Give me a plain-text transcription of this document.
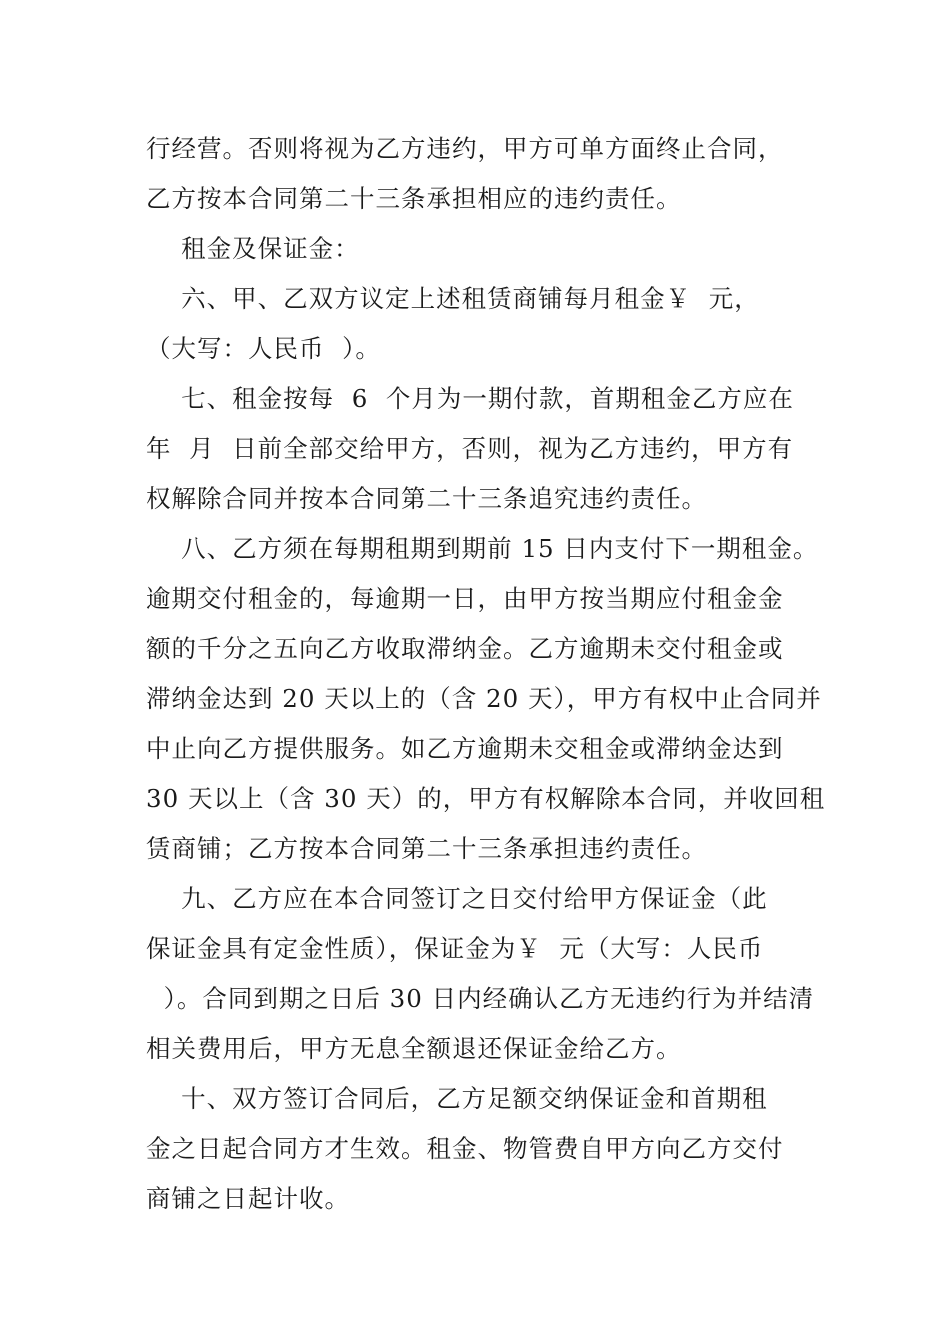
行经营。否则将视为乙方违约，甲方可单方面终止合同，
乙方按本合同第二十三条承担相应的违约责任。
租金及保证金：
六、甲、乙双方议定上述租赁商铺每月租金￥  元，
（大写：人民币  ）。
七、租金按每  6  个月为一期付款，首期租金乙方应在
年  月  日前全部交给甲方，否则，视为乙方违约，甲方有
权解除合同并按本合同第二十三条追究违约责任。
八、乙方须在每期租期到期前 15 日内支付下一期租金。
逾期交付租金的，每逾期一日，由甲方按当期应付租金金
额的千分之五向乙方收取滞纳金。乙方逾期未交付租金或
滞纳金达到 20 天以上的（含 20 天），甲方有权中止合同并
中止向乙方提供服务。如乙方逾期未交租金或滞纳金达到
30 天以上（含 30 天）的，甲方有权解除本合同，并收回租
赁商铺；乙方按本合同第二十三条承担违约责任。
九、乙方应在本合同签订之日交付给甲方保证金（此
保证金具有定金性质），保证金为￥  元（大写：人民币
）。合同到期之日后 30 日内经确认乙方无违约行为并结清
相关费用后，甲方无息全额退还保证金给乙方。
十、双方签订合同后，乙方足额交纳保证金和首期租
金之日起合同方才生效。租金、物管费自甲方向乙方交付
商铺之日起计收。
